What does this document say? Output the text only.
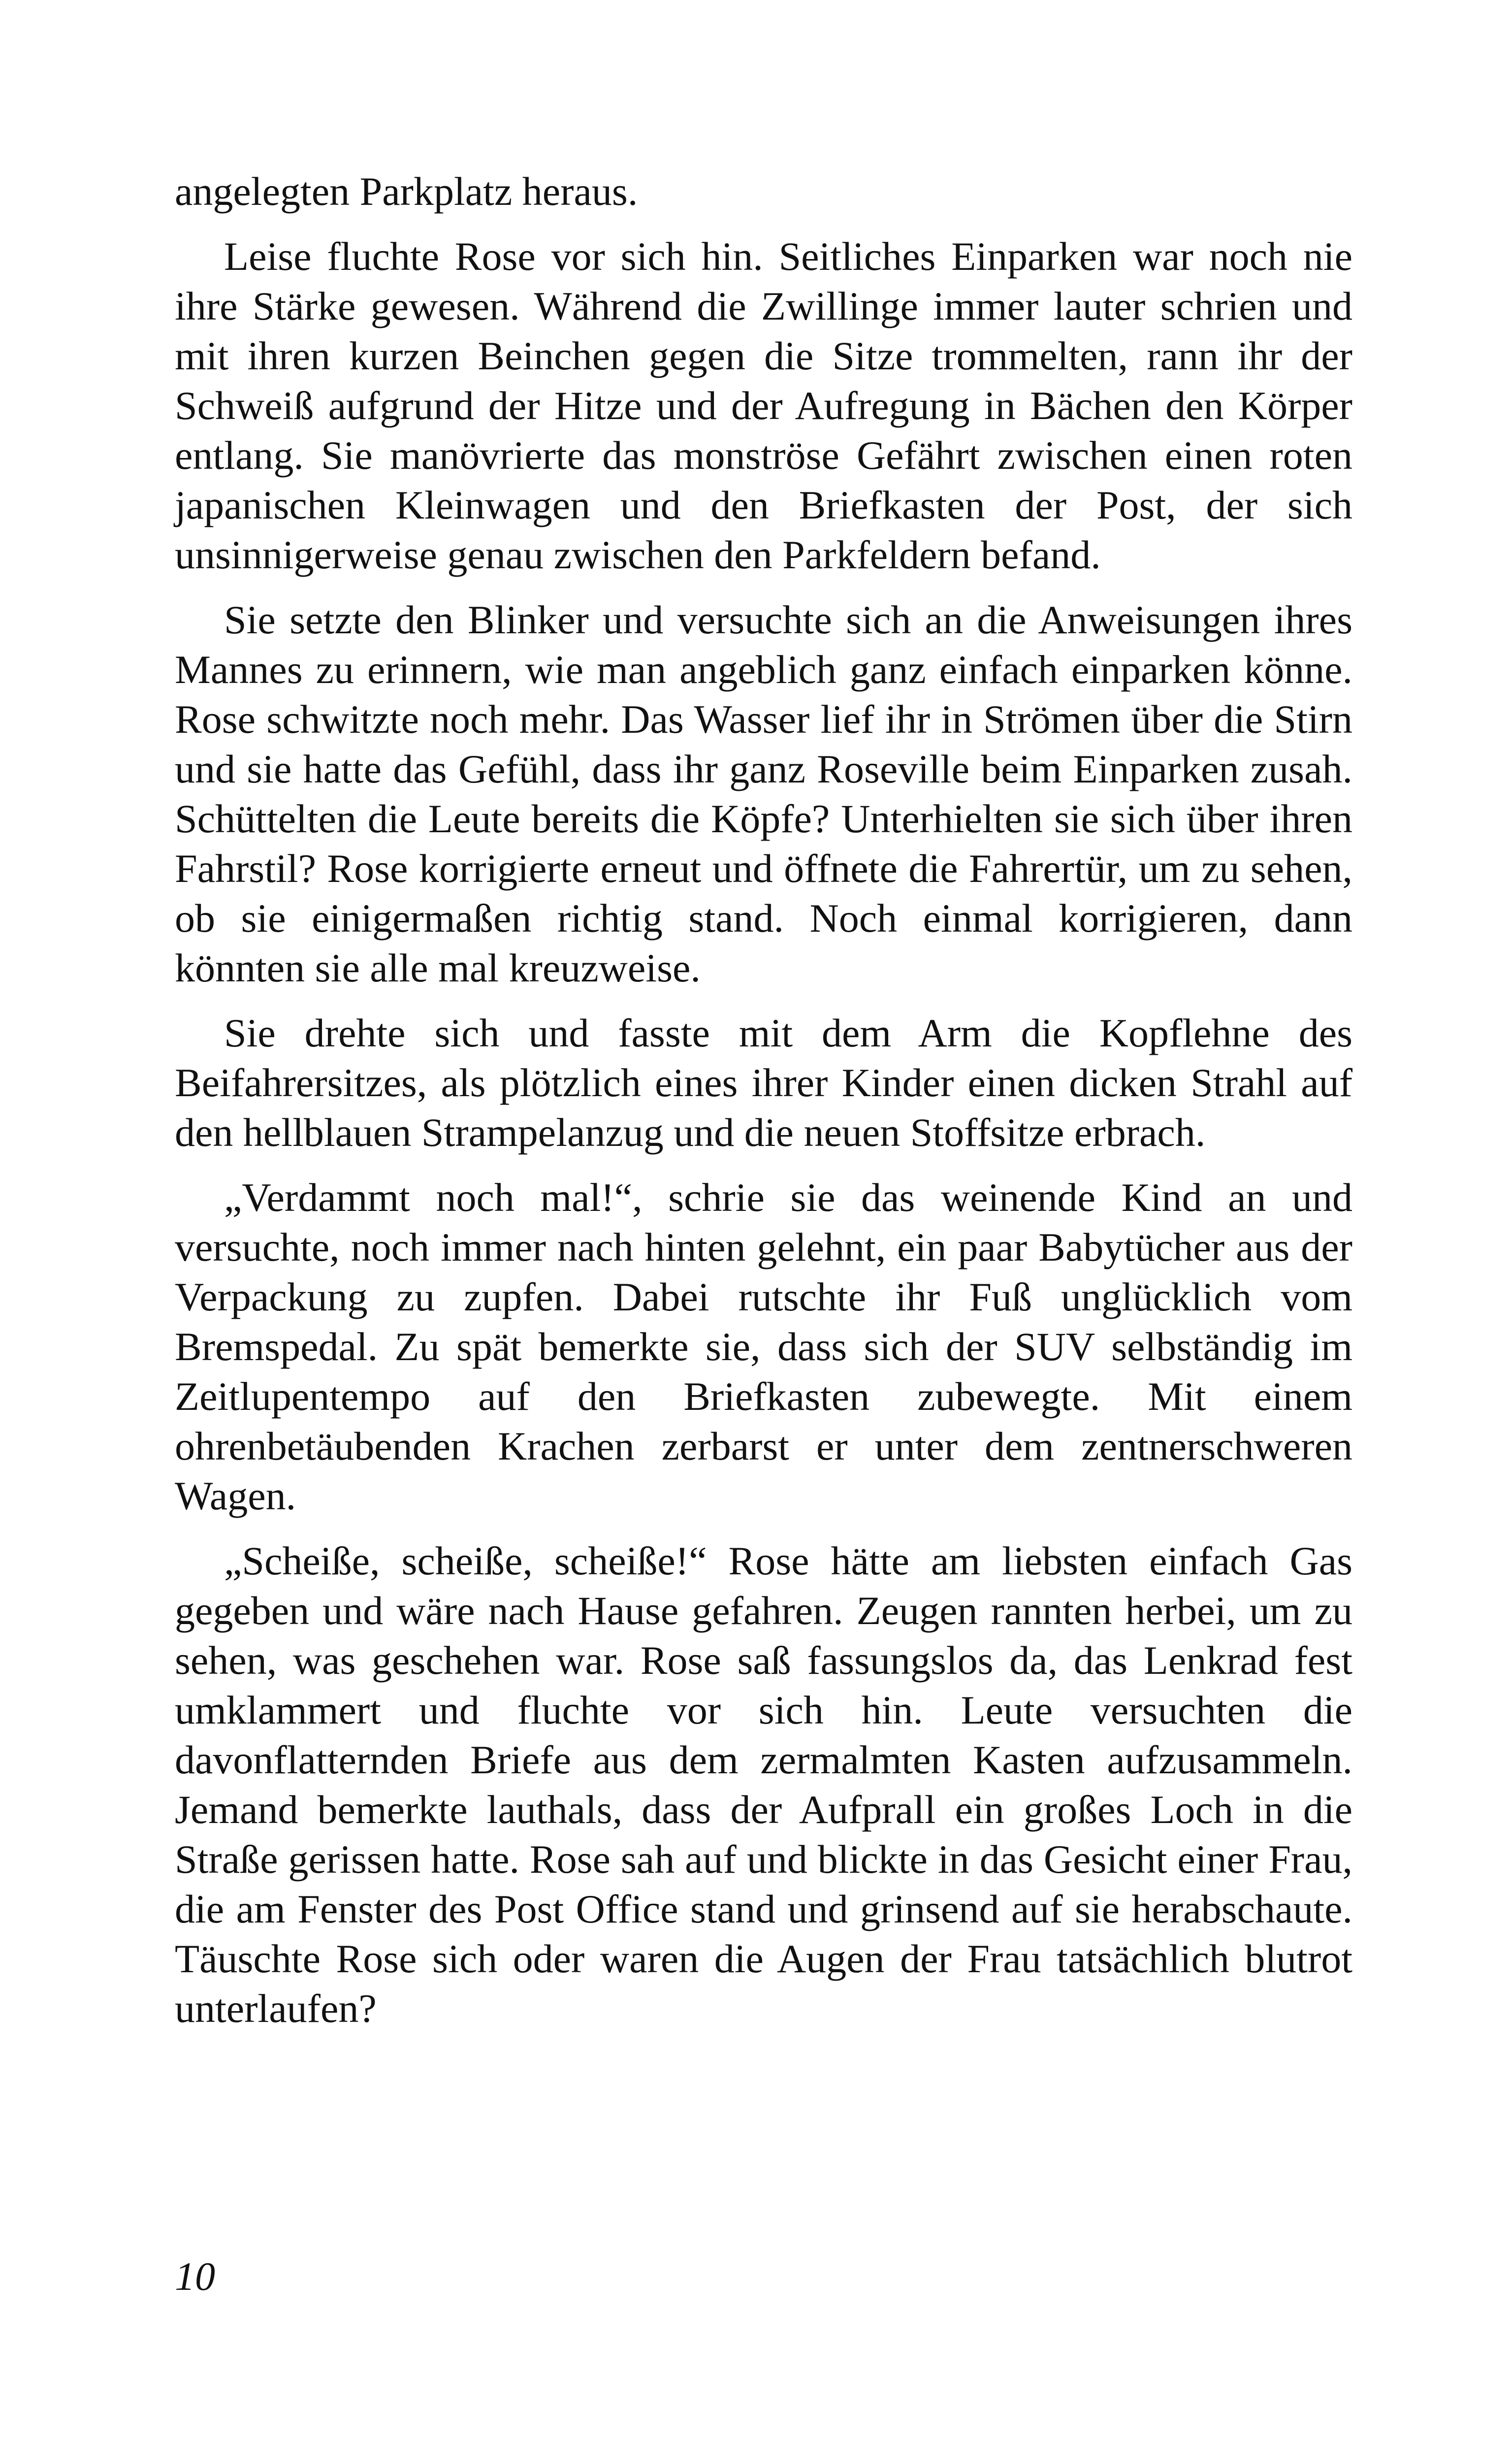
angelegten Parkplatz heraus.

Leise fluchte Rose vor sich hin. Seitliches Einparken war noch nie ihre Stärke gewesen. Während die Zwillinge immer lauter schrien und mit ihren kurzen Beinchen gegen die Sitze trommelten, rann ihr der Schweiß aufgrund der Hitze und der Aufregung in Bächen den Körper entlang. Sie manövrierte das monströse Gefährt zwischen einen roten japanischen Kleinwagen und den Briefkasten der Post, der sich unsinnigerweise genau zwischen den Parkfeldern befand.

Sie setzte den Blinker und versuchte sich an die Anweisungen ihres Mannes zu erinnern, wie man angeblich ganz einfach einparken könne. Rose schwitzte noch mehr. Das Wasser lief ihr in Strömen über die Stirn und sie hatte das Gefühl, dass ihr ganz Roseville beim Einparken zusah. Schüttelten die Leute bereits die Köpfe? Unterhielten sie sich über ihren Fahrstil? Rose korrigierte erneut und öffnete die Fahrertür, um zu sehen, ob sie einigermaßen richtig stand. Noch einmal korrigieren, dann könnten sie alle mal kreuzweise.

Sie drehte sich und fasste mit dem Arm die Kopflehne des Beifahrersitzes, als plötzlich eines ihrer Kinder einen dicken Strahl auf den hellblauen Strampelanzug und die neuen Stoffsitze erbrach.

„Verdammt noch mal!“, schrie sie das weinende Kind an und versuchte, noch immer nach hinten gelehnt, ein paar Babytücher aus der Verpackung zu zupfen. Dabei rutschte ihr Fuß unglücklich vom Bremspedal. Zu spät bemerkte sie, dass sich der SUV selbständig im Zeitlupentempo auf den Briefkasten zubewegte. Mit einem ohrenbetäubenden Krachen zerbarst er unter dem zentnerschweren Wagen.

„Scheiße, scheiße, scheiße!“ Rose hätte am liebsten einfach Gas gegeben und wäre nach Hause gefahren. Zeugen rannten herbei, um zu sehen, was geschehen war. Rose saß fassungslos da, das Lenkrad fest umklammert und fluchte vor sich hin. Leute versuchten die davonflatternden Briefe aus dem zermalmten Kasten aufzusammeln. Jemand bemerkte lauthals, dass der Aufprall ein großes Loch in die Straße gerissen hatte. Rose sah auf und blickte in das Gesicht einer Frau, die am Fenster des Post Office stand und grinsend auf sie herabschaute. Täuschte Rose sich oder waren die Augen der Frau tatsächlich blutrot unterlaufen?

10
